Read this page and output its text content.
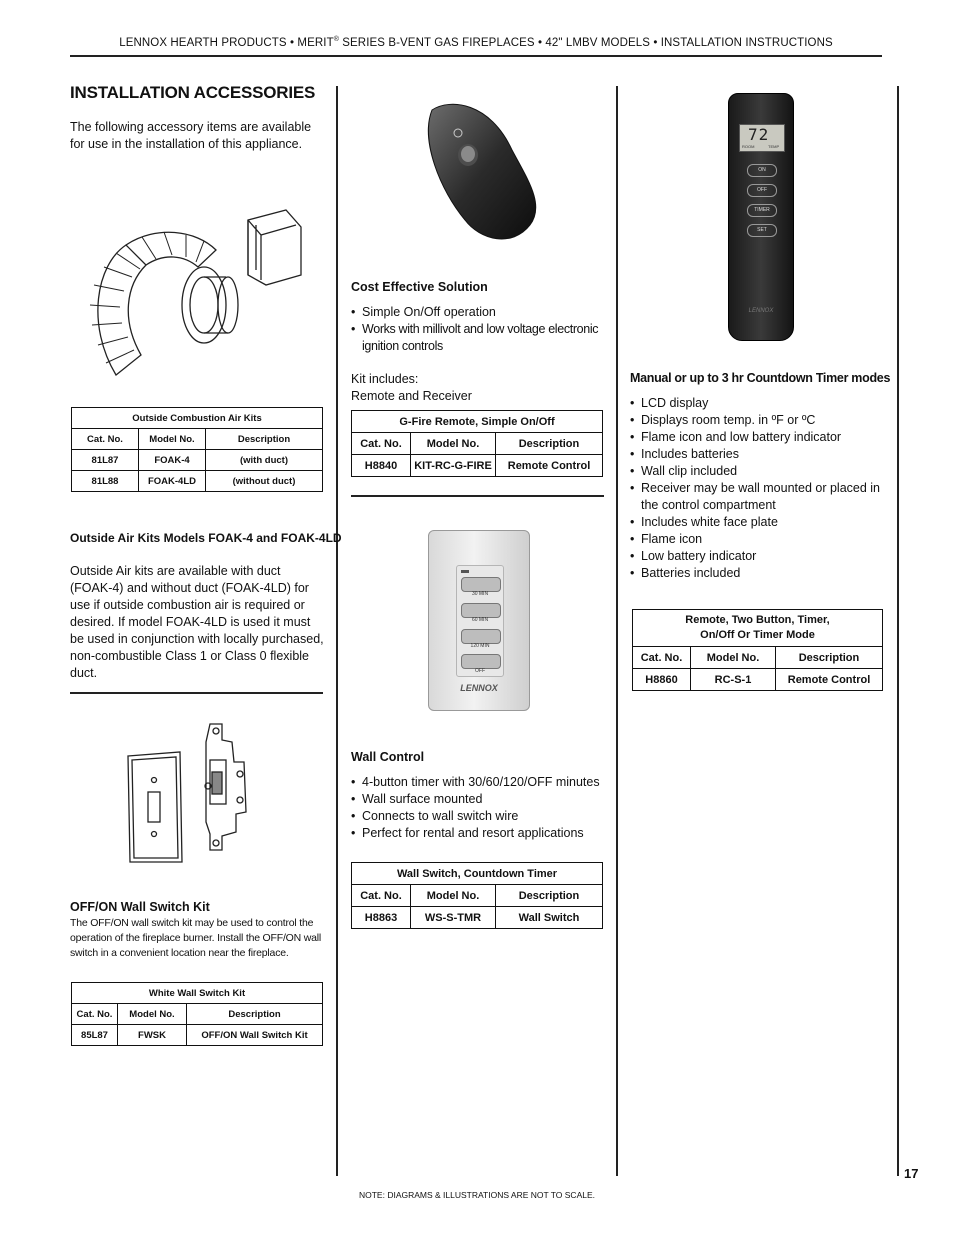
LENNOX HEARTH PRODUCTS • MERIT® SERIES B-VENT GAS FIREPLACES • 42" LMBV MODELS • INSTALLATION INSTRUCTIONS
INSTALLATION ACCESSORIES
The following accessory items are available for use in the installation of this appliance.
Outside Combustion Air Kits		
Cat. No.	Model No.	Description
81L87	FOAK-4	(with duct)
81L88	FOAK-4LD	(without duct)
Outside Air Kits Models FOAK-4 and FOAK-4LD
Outside Air kits are available with duct (FOAK-4) and without duct (FOAK-4LD) for use if outside combustion air is required or desired. If model FOAK-4LD is used it must be used in conjunction with locally purchased, non-combustible Class 1 or Class 0 flexible duct.
OFF/ON Wall Switch Kit
The OFF/ON wall switch kit may be used to control the operation of the fireplace burner. Install the OFF/ON wall switch in a convenient location near the fireplace.
White Wall Switch Kit		
Cat. No.	Model No.	Description
85L87	FWSK	OFF/ON Wall Switch Kit
Cost Effective Solution
• Simple On/Off operation
• Works with millivolt and low voltage electronic ignition controls
Kit includes:
Remote and Receiver
G-Fire Remote, Simple On/Off		
Cat. No.	Model No.	Description
H8840	KIT-RC-G-FIRE	Remote Control
30 MIN
60 MIN
120 MIN
OFF
LENNOX
Wall Control
• 4-button timer with 30/60/120/OFF minutes
• Wall surface mounted
• Connects to wall switch wire
• Perfect for rental and resort applications
Wall Switch, Countdown Timer		
Cat. No.	Model No.	Description
H8863	WS-S-TMR	Wall Switch
72
ROOM	TEMP
ON
OFF
TIMER
SET
LENNOX
Manual or up to 3 hr Countdown Timer modes
• LCD display
• Displays room temp. in ºF or ºC
• Flame icon and low battery indicator
• Includes batteries
• Wall clip included
• Receiver may be wall mounted or placed in the control compartment
• Includes white face plate
• Flame icon
• Low battery indicator
• Batteries included
Remote, Two Button, Timer,
On/Off Or Timer Mode		

Cat. No.	Model No.	Description
H8860	RC-S-1	Remote Control
17
NOTE: DIAGRAMS & ILLUSTRATIONS ARE NOT TO SCALE.
